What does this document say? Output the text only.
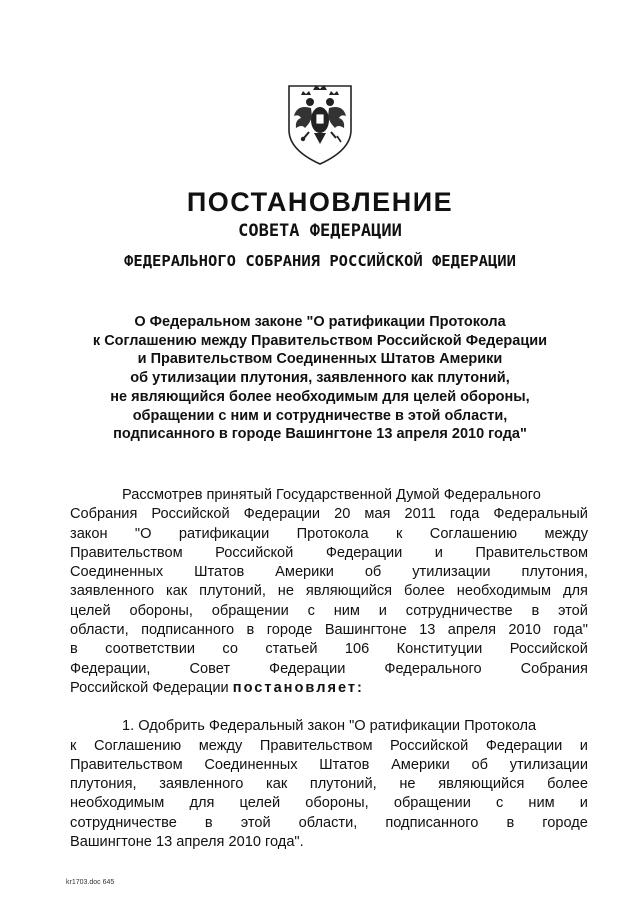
ПОСТАНОВЛЕНИЕ
СОВЕТА ФЕДЕРАЦИИ
ФЕДЕРАЛЬНОГО СОБРАНИЯ РОССИЙСКОЙ ФЕДЕРАЦИИ
О Федеральном законе "О ратификации Протокола
к Соглашению между Правительством Российской Федерации
и Правительством Соединенных Штатов Америки
об утилизации плутония, заявленного как плутоний,
не являющийся более необходимым для целей обороны,
обращении с ним и сотрудничестве в этой области,
подписанного в городе Вашингтоне 13 апреля 2010 года"
Рассмотрев принятый Государственной Думой Федерального
Собрания Российской Федерации 20 мая 2011 года Федеральный
закон "О ратификации Протокола к Соглашению между
Правительством Российской Федерации и Правительством
Соединенных Штатов Америки об утилизации плутония,
заявленного как плутоний, не являющийся более необходимым для
целей обороны, обращении с ним и сотрудничестве в этой
области, подписанного в городе Вашингтоне 13 апреля 2010 года"
в соответствии со статьей 106 Конституции Российской
Федерации,	Совет	Федерации	Федерального	Собрания
Российской Федерации
постановляет:
1. Одобрить Федеральный закон "О ратификации Протокола
к Соглашению между Правительством Российской Федерации и
Правительством Соединенных Штатов Америки об утилизации
плутония, заявленного как плутоний, не являющийся более
необходимым для целей обороны, обращении с ним и
сотрудничестве в этой области, подписанного в городе
Вашингтоне 13 апреля 2010 года".
kr1703.doc 645
